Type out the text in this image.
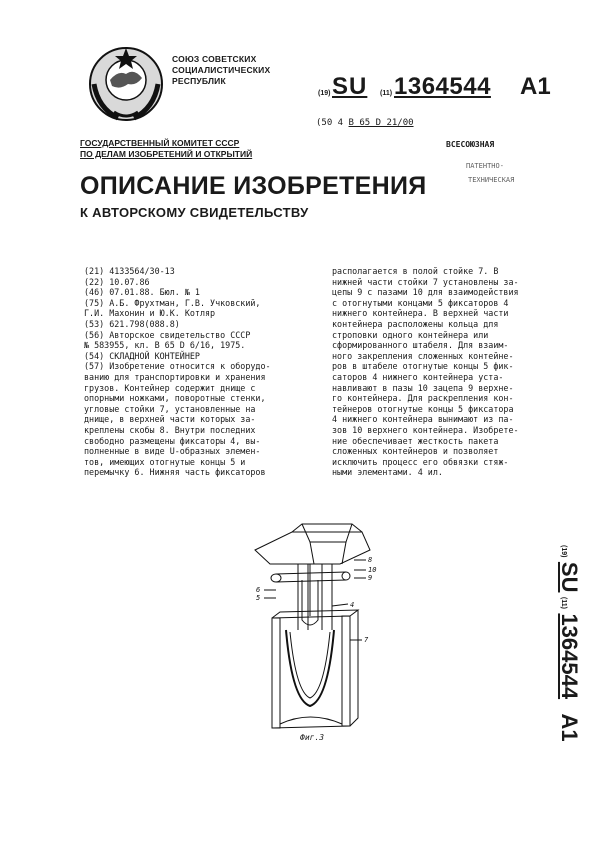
СОЮЗ СОВЕТСКИХ
СОЦИАЛИСТИЧЕСКИХ
РЕСПУБЛИК
(19) SU (11) 1364544 A1
(50 4 B 65 D 21/00
ГОСУДАРСТВЕННЫЙ КОМИТЕТ СССР
ПО ДЕЛАМ ИЗОБРЕТЕНИЙ И ОТКРЫТИЙ
ВСЕСОЮЗНАЯ
ПАТЕНТНО-
ТЕХНИЧЕСКАЯ
ОПИСАНИЕ ИЗОБРЕТЕНИЯ
К АВТОРСКОМУ СВИДЕТЕЛЬСТВУ

(21) 4133564/30-13

(22) 10.07.86

(46) 07.01.88. Бюл. № 1

(75) А.Б. Фрухтман, Г.В. Учковский,

Г.И. Махонин и Ю.К. Котляр

(53) 621.798(088.8)

(56) Авторское свидетельство СССР

№ 583955, кл. B 65 D 6/16, 1975.

(54) СКЛАДНОЙ КОНТЕЙНЕР

(57) Изобретение относится к оборудо-

ванию для транспортировки и хранения

грузов. Контейнер содержит днище с

опорными ножками, поворотные стенки,

угловые стойки 7, установленные на

днище, в верхней части которых за-

креплены скобы 8. Внутри последних

свободно размещены фиксаторы 4, вы-

полненные в виде U-образных элемен-

тов, имеющих отогнутые концы 5 и

перемычку 6. Нижняя часть фиксаторов

располагается в полой стойке 7. В

нижней части стойки 7 установлены за-

цепы 9 с пазами 10 для взаимодействия

с отогнутыми концами 5 фиксаторов 4

нижнего контейнера. В верхней части

контейнера расположены кольца для

строповки одного контейнера или

сформированного штабеля. Для взаим-

ного закрепления сложенных контейне-

ров в штабеле отогнутые концы 5 фик-

саторов 4 нижнего контейнера уста-

навливают в пазы 10 зацепа 9 верхне-

го контейнера. Для раскрепления кон-

тейнеров отогнутые концы 5 фиксатора

4 нижнего контейнера вынимают из па-

зов 10 верхнего контейнера. Изобрете-

ние обеспечивает жесткость пакета

сложенных контейнеров и позволяет

исключить процесс его обвязки стяж-

ными элементами. 4 ил.

(19) SU (11) 1364544 A1
8
10
9
6
5
4
7
Фиг.3
